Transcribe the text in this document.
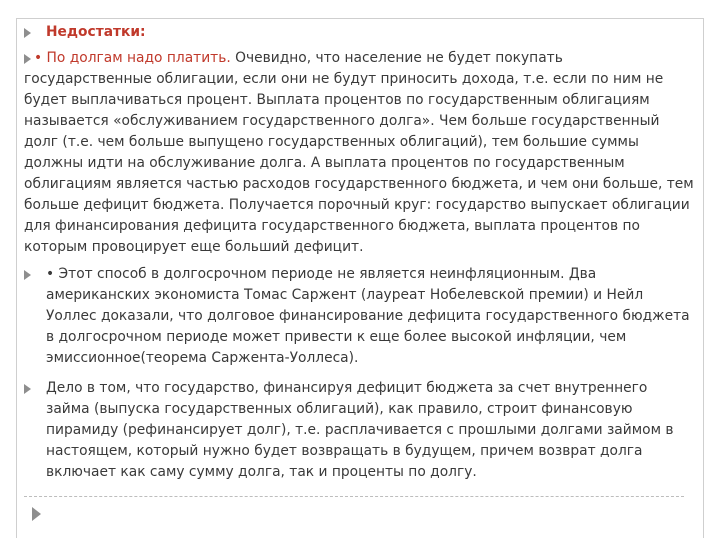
Недостатки:
• По долгам надо платить. Очевидно, что население не будет покупать государственные облигации, если они не будут приносить дохода, т.е. если по ним не будет выплачиваться процент. Выплата процентов по государственным облигациям называется «обслуживанием государственного долга». Чем больше государственный долг (т.е. чем больше выпущено государственных облигаций), тем большие суммы должны идти на обслуживание долга. А выплата процентов по государственным облигациям является частью расходов государственного бюджета, и чем они больше, тем больше дефицит бюджета. Получается порочный круг: государство выпускает облигации для финансирования дефицита государственного бюджета, выплата процентов по которым провоцирует еще больший дефицит.
• Этот способ в долгосрочном периоде не является неинфляционным. Два американских экономиста Томас Саржент (лауреат Нобелевской премии) и Нейл Уоллес доказали, что долговое финансирование дефицита государственного бюджета в долгосрочном периоде может привести к еще более высокой инфляции, чем эмиссионное(теорема Саржента-Уоллеса).
Дело в том, что государство, финансируя дефицит бюджета за счет внутреннего займа (выпуска государственных облигаций), как правило, строит финансовую пирамиду (рефинансирует долг), т.е. расплачивается с прошлыми долгами займом в настоящем, который нужно будет возвращать в будущем, причем возврат долга включает как саму сумму долга, так и проценты по долгу.
